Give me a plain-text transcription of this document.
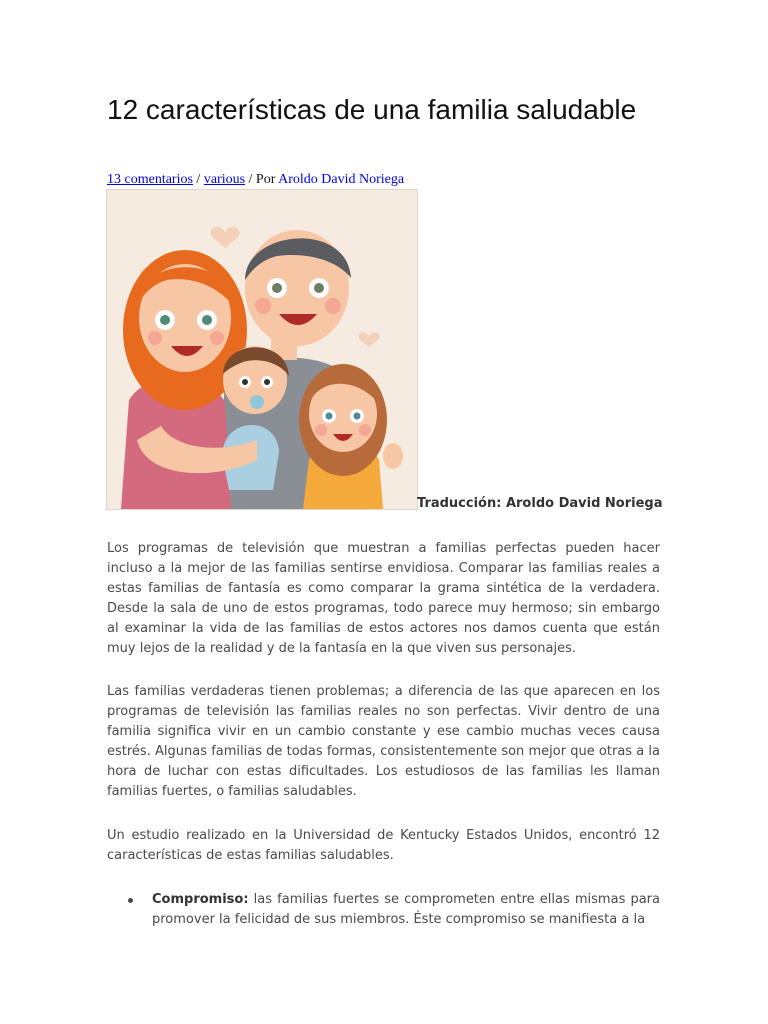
12 características de una familia saludable
13 comentarios / various / Por Aroldo David Noriega
Traducción: Aroldo David Noriega

Los programas de televisión que muestran a familias perfectas pueden hacer incluso a la mejor de las familias sentirse envidiosa. Comparar las familias reales a estas familias de fantasía es como comparar la grama sintética de la verdadera. Desde la sala de uno de estos programas, todo parece muy hermoso; sin embargo al examinar la vida de las familias de estos actores nos damos cuenta que están muy lejos de la realidad y de la fantasía en la que viven sus personajes.

Las familias verdaderas tienen problemas; a diferencia de las que aparecen en los programas de televisión las familias reales no son perfectas. Vivir dentro de una familia significa vivir en un cambio constante y ese cambio muchas veces causa estrés. Algunas familias de todas formas, consistentemente son mejor que otras a la hora de luchar con estas dificultades. Los estudiosos de las familias les llaman familias fuertes, o familias saludables.

Un estudio realizado en la Universidad de Kentucky Estados Unidos, encontró 12 características de estas familias saludables.

Compromiso: las familias fuertes se comprometen entre ellas mismas para promover la felicidad de sus miembros. Éste compromiso se manifiesta a la
